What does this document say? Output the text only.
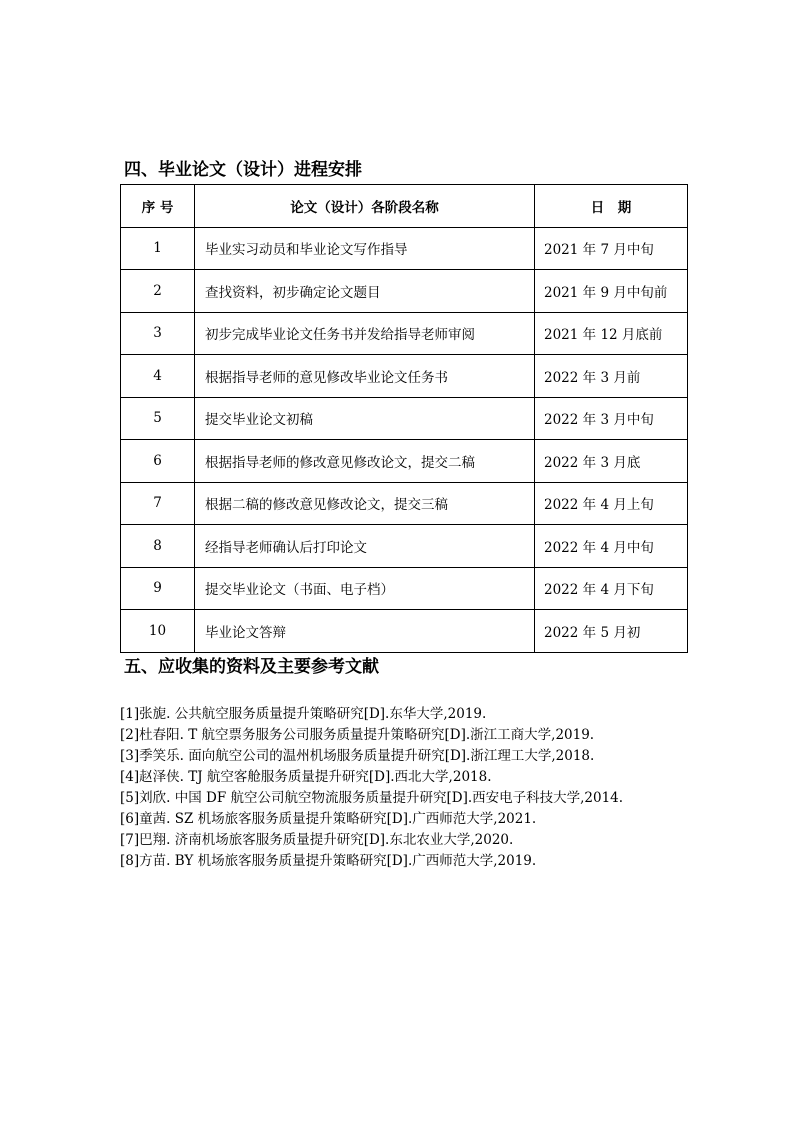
四、毕业论文（设计）进程安排
序 号	论文（设计）各阶段名称	日　期
1	毕业实习动员和毕业论文写作指导	2021 年 7 月中旬
2	查找资料，初步确定论文题目	2021 年 9 月中旬前
3	初步完成毕业论文任务书并发给指导老师审阅	2021 年 12 月底前
4	根据指导老师的意见修改毕业论文任务书	2022 年 3 月前
5	提交毕业论文初稿	2022 年 3 月中旬
6	根据指导老师的修改意见修改论文，提交二稿	2022 年 3 月底
7	根据二稿的修改意见修改论文，提交三稿	2022 年 4 月上旬
8	经指导老师确认后打印论文	2022 年 4 月中旬
9	提交毕业论文（书面、电子档）	2022 年 4 月下旬
10	毕业论文答辩	2022 年 5 月初
五、应收集的资料及主要参考文献

[1]张旎. 公共航空服务质量提升策略研究[D].东华大学,2019.

[2]杜春阳. T 航空票务服务公司服务质量提升策略研究[D].浙江工商大学,2019.

[3]季笑乐. 面向航空公司的温州机场服务质量提升研究[D].浙江理工大学,2018.

[4]赵泽侠. TJ 航空客舱服务质量提升研究[D].西北大学,2018.

[5]刘欣. 中国 DF 航空公司航空物流服务质量提升研究[D].西安电子科技大学,2014.

[6]童茜. SZ 机场旅客服务质量提升策略研究[D].广西师范大学,2021.

[7]巴翔. 济南机场旅客服务质量提升研究[D].东北农业大学,2020.

[8]方苗. BY 机场旅客服务质量提升策略研究[D].广西师范大学,2019.
